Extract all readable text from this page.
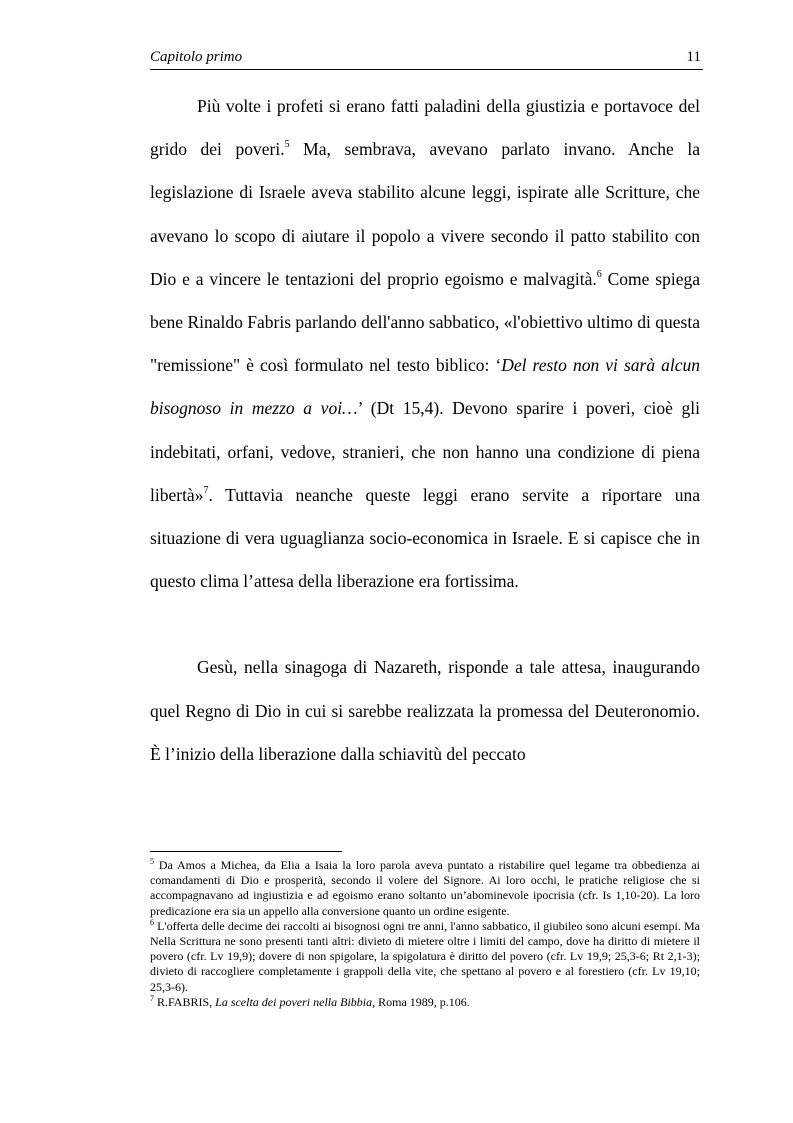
Capitolo primo	11

Più volte i profeti si erano fatti paladini della giustizia e portavoce del grido dei poveri.$^5$ Ma, sembrava, avevano parlato invano. Anche la legislazione di Israele aveva stabilito alcune leggi, ispirate alle Scritture, che avevano lo scopo di aiutare il popolo a vivere secondo il patto stabilito con Dio e a vincere le tentazioni del proprio egoismo e malvagità.$^6$ Come spiega bene Rinaldo Fabris parlando dell'anno sabbatico, «l'obiettivo ultimo di questa "remissione" è così formulato nel testo biblico: ‘Del resto non vi sarà alcun bisognoso in mezzo a voi…’ (Dt 15,4). Devono sparire i poveri, cioè gli indebitati, orfani, vedove, stranieri, che non hanno una condizione di piena libertà»$^7$. Tuttavia neanche queste leggi erano servite a riportare una situazione di vera uguaglianza socio-economica in Israele. E si capisce che in questo clima l’attesa della liberazione era fortissima.

Gesù, nella sinagoga di Nazareth, risponde a tale attesa, inaugurando quel Regno di Dio in cui si sarebbe realizzata la promessa del Deuteronomio. È l’inizio della liberazione dalla schiavitù del peccato

$^5$ Da Amos a Michea, da Elia a Isaia la loro parola aveva puntato a ristabilire quel legame tra obbedienza ai comandamenti di Dio e prosperità, secondo il volere del Signore. Ai loro occhi, le pratiche religiose che si accompagnavano ad ingiustizia e ad egoismo erano soltanto un’abominevole ipocrisia (cfr. Is 1,10-20). La loro predicazione era sia un appello alla conversione quanto un ordine esigente.

$^6$ L'offerta delle decime dei raccolti ai bisognosi ogni tre anni, l'anno sabbatico, il giubileo sono alcuni esempi. Ma Nella Scrittura ne sono presenti tanti altri: divieto di mietere oltre i limiti del campo, dove ha diritto di mietere il povero (cfr. Lv 19,9); dovere di non spigolare, la spigolatura è diritto del povero (cfr. Lv 19,9; 25,3-6; Rt 2,1-3); divieto di raccogliere completamente i grappoli della vite, che spettano al povero e al forestiero (cfr. Lv 19,10; 25,3-6).

$^7$ R.FABRIS, La scelta dei poveri nella Bibbia, Roma 1989, p.106.
